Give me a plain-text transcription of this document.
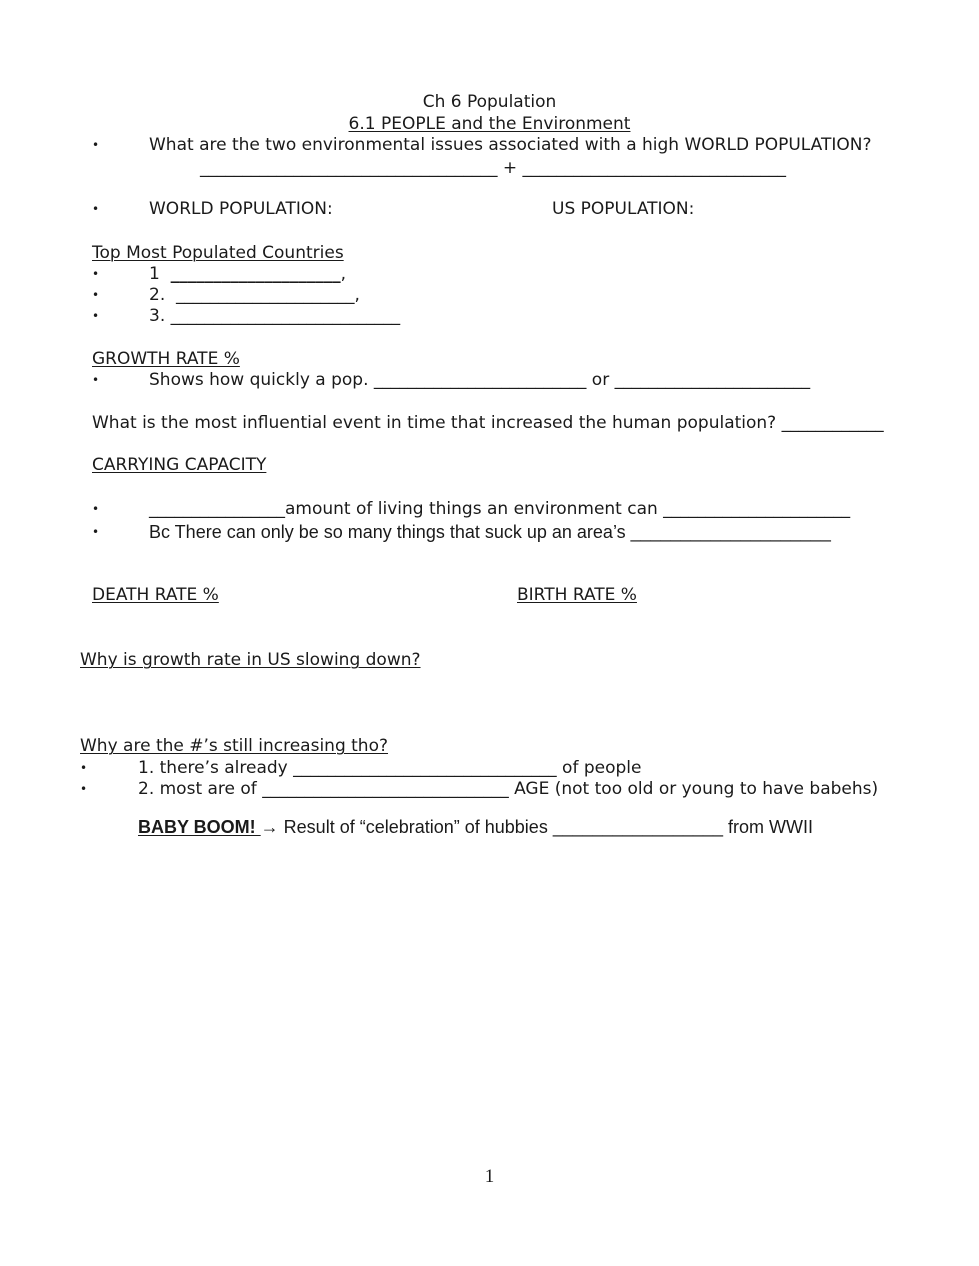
Ch 6 Population
6.1 PEOPLE and the Environment
•	What are the two environmental issues associated with a high WORLD POPULATION?
___________________________________ + _______________________________
•	WORLD POPULATION:	US POPULATION:
Top Most Populated Countries
•	1 ____________________,
•	2. _____________________,
•	3. ___________________________
GROWTH RATE %
•	Shows how quickly a pop. _________________________ or _______________________
What is the most influential event in time that increased the human population? ____________
CARRYING CAPACITY
•	________________amount of living things an environment can ______________________
•	Bc There can only be so many things that suck up an area’s ____________________
DEATH RATE %	BIRTH RATE %
Why is growth rate in US slowing down?
Why are the #’s still increasing tho?
•	1. there’s already _______________________________ of people
•	2. most are of _____________________________ AGE (not too old or young to have babehs)
BABY BOOM! → Result of “celebration” of hubbies _________________ from WWII
1
